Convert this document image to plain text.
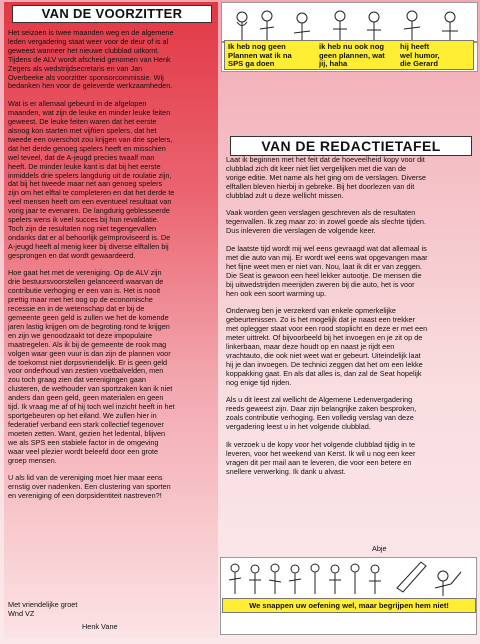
VAN DE VOORZITTER
Het seizoen is twee maanden weg en de algemene
leden vergadering staat weer voor de deur of is al
geweest wanneer het nieuwe clubblad uitkomt.
Tijdens de ALV wordt afscheid genomen van Henk
Zegers als wedstrijdsecretaris en van Jan
Overbeeke als voorzitter sponsorcommissie. Wij
bedanken hen voor de geleverde werkzaamheden.

Wat is er allemaal gebeurd in de afgelopen
maanden, wat zijn de leuke en minder leuke feiten
geweest. De leuke feiten waren dat het eerste
alsnog kon starten met vijftien spelers, dat het
tweede een overschot zou krijgen van drie spelers,
dat het derde genoeg spelers heeft en misschien
wel teveel, dat de A-jeugd precies twaalf man
heeft. De minder leuke kant is dat bij het eerste
inmiddels drie spelers langdurig uit de roulatie zijn,
dat bij het tweede maar net aan genoeg spelers
zijn om het elftal te completeren en dat het derde te
veel mensen heeft om een eventueel resultaat van
vorig jaar te evenaren. De langdurig geblesseerde
spelers wens ik veel succes bij hun revalidatie.
Toch zijn de resultaten nog niet tegengevallen
ondanks dat er al behoorlijk geïmproviseerd is. De
A-jeugd heeft al menig keer bij diverse elftallen bij
gesprongen en dat wordt gewaardeerd.

Hoe gaat het met de vereniging. Op de ALV zijn
drie bestuursvoorstellen gelanceerd waarvan de
contributie verhoging er een van is. Het is nooit
prettig maar met het oog op de economische
recessie en in de wetenschap dat er bij de
gemeente geen geld is zullen we het de komende
jaren lastig krijgen om de begroting rond te krijgen
en zijn we genoodzaakt tot deze impopulaire
maatregelen. Als ik bij de gemeente de rook mag
volgen waar geen vuur is dan zijn de plannen voor
de toekomst niet dorpsvriendelijk. Er is geen geld
voor onderhoud van zestien voetbalvelden, men
zou toch graag zien dat verenigingen gaan
clusteren, de wethouder van sportzaken kan ik niet
anders dan geen geld, geen materialen en geen
tijd. Ik vraag me af of hij toch wel inzicht heeft in het
sportgebeuren op het eiland. We zullen hier in
federatief verband een stark collectief tegenover
moeten zetten. Want, gezien het ledental, blijven
we als SPS een stabiele factor in de omgeving
waar veel plezier wordt beleefd door een grote
groep mensen.

U als lid van de vereniging moet hier maar eens
ernstig over nadenken. Een clustering van sporten
en vereniging of een dorpsidentiteit nastreven?!
Met vriendelijke groet
Wnd VZ
Henk Vane
Ik heb nog geen
Plannen wat ik na
SPS ga doen
ik heb nu ook nog
geen plannen, wat
jij, haha
hij heeft
wel humor,
die Gerard
VAN DE REDACTIETAFEL
Laat ik beginnen met het feit dat de hoeveelheid kopy voor dit
clubblad zich dit keer niet liet vergelijken met die van de
vorige editie. Met name als het ging om de verslagen. Diverse
elftallen bleven hierbij in gebreke. Bij het doorlezen van dit
clubblad zult u deze wellicht missen.

Vaak worden geen verslagen geschreven als de resultaten
tegenvallen. Ik zeg maar zo: in zowel goede als slechte tijden.
Dus inleveren die verslagen de volgende keer.

De laatste tijd wordt mij wel eens gevraagd wat dat allemaal is
met die auto van mij. Er wordt wel eens wat opgevangen maar
het fijne weet men er niet van. Nou, laat ik dit er van zeggen.
Die Seat is gewoon een heel lekker autootje. De mensen die
bij uitwedstrijden meerijden zweren bij die auto, het is voor
hen ook een soort warming up.

Onderweg ben je verzekerd van enkele opmerkelijke
gebeurtenissen. Zo is het mogelijk dat je naast een trekker
met oplegger staat voor een rood stoplicht en deze er met een
meter uittrekt. Of bijvoorbeeld bij het invoegen en je zit op de
linkerbaan, maar deze houdt op en naast je rijdt een
vrachtauto, die ook niet weet wat er gebeurt. Uiteindelijk laat
hij je dan invoegen. De technici zeggen dat het om een lekke
koppakking gaat. En als dat alles is, dan zal de Seat hopelijk
nog enige tijd rijden.

Als u dit leest zal wellicht de Algemene Ledenvergadering
reeds geweest zijn. Daar zijn belangrijke zaken besproken,
zoals contributie verhoging. Een volledig verslag van deze
vergadering leest u in het volgende clubblad.

Ik verzoek u de kopy voor het volgende clubblad tijdig in te
leveren, voor het weekend van Kerst. Ik wil u nog een keer
vragen dit per mail aan te leveren, die voor een betere en
snellere verwerking. Ik dank u alvast.
Abje
We snappen uw oefening wel, maar begrijpen hem niet!
